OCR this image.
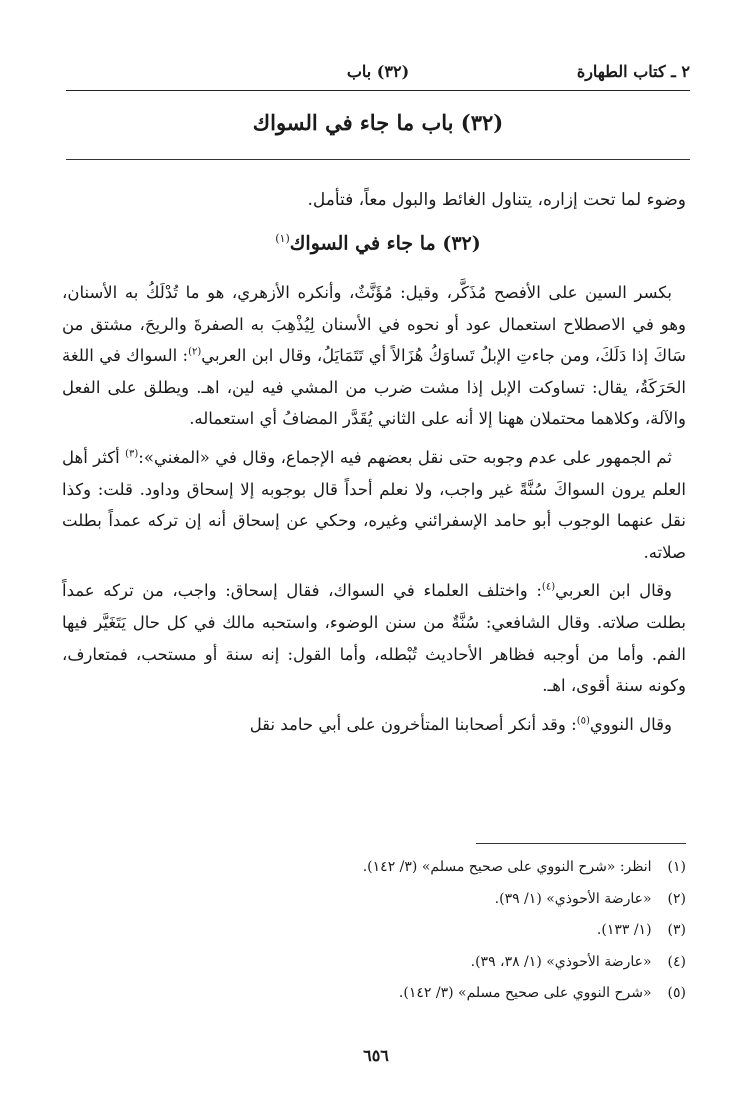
٢ ـ كتاب الطهارة
(٣٢) باب
(٣٢) باب ما جاء في السواك
وضوء لما تحت إزاره، يتناول الغائط والبول معاً، فتأمل.
(٣٢) ما جاء في السواك$^{(١)}$

بكسر السين على الأفصح مُذَكَّر، وقيل: مُؤَنَّثٌ، وأنكره الأزهري، هو ما تُدْلَكُ به الأسنان، وهو في الاصطلاح استعمال عود أو نحوه في الأسنان لِيُذْهِبَ به الصفرةَ والريحَ، مشتق من سَاكَ إذا دَلَكَ، ومن جاءتِ الإبلُ تَساوَكُ هُزَالاً أي تَتَمَايَلُ، وقال ابن العربي$^{(٢)}$: السواك في اللغة الحَرَكَةُ، يقال: تساوكت الإبل إذا مشت ضرب من المشي فيه لين، اهـ. ويطلق على الفعل والآلة، وكلاهما محتملان ههنا إلا أنه على الثاني يُقَدَّر المضافُ أي استعماله.

ثم الجمهور على عدم وجوبه حتى نقل بعضهم فيه الإجماع، وقال في «المغني»:$^{(٣)}$ أكثر أهل العلم يرون السواكَ سُنَّةً غير واجب، ولا نعلم أحداً قال بوجوبه إلا إسحاق وداود. قلت: وكذا نقل عنهما الوجوب أبو حامد الإسفرائني وغيره، وحكي عن إسحاق أنه إن تركه عمداً بطلت صلاته.

وقال ابن العربي$^{(٤)}$: واختلف العلماء في السواك، فقال إسحاق: واجب، من تركه عمداً بطلت صلاته. وقال الشافعي: سُنَّةٌ من سنن الوضوء، واستحبه مالك في كل حال يَتَغَيَّر فيها الفم. وأما من أوجبه فظاهر الأحاديث تُبْطله، وأما القول: إنه سنة أو مستحب، فمتعارف، وكونه سنة أقوى، اهـ.

وقال النووي$^{(٥)}$: وقد أنكر أصحابنا المتأخرون على أبي حامد نقل

(١) انظر: «شرح النووي على صحيح مسلم» (٣/ ١٤٢).
(٢) «عارضة الأحوذي» (١/ ٣٩).
(٣) (١/ ١٣٣).
(٤) «عارضة الأحوذي» (١/ ٣٨، ٣٩).
(٥) «شرح النووي على صحيح مسلم» (٣/ ١٤٢).
٦٥٦
